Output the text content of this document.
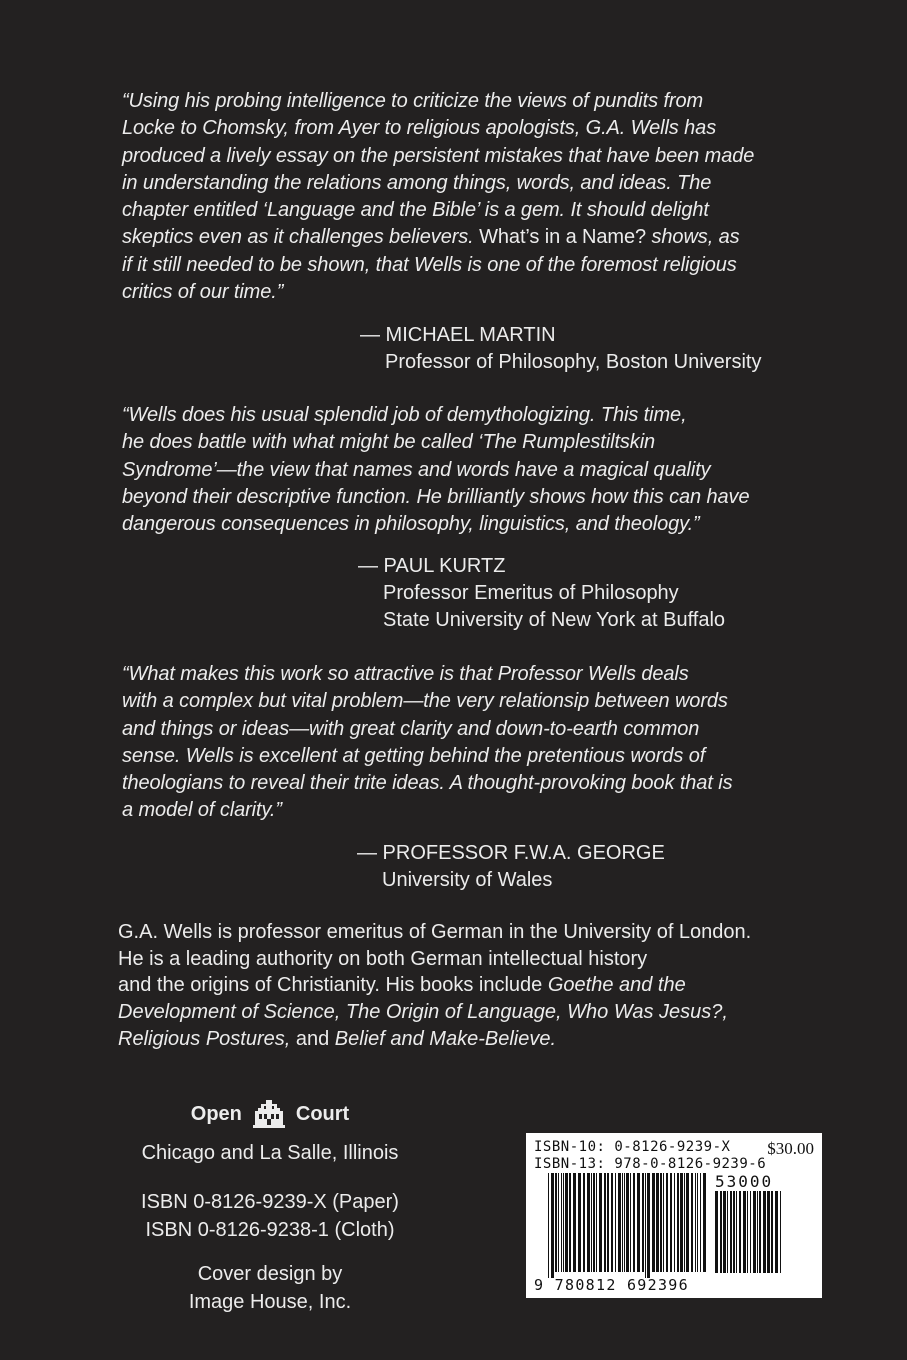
“Using his probing intelligence to criticize the views of pundits from
Locke to Chomsky, from Ayer to religious apologists, G.A. Wells has
produced a lively essay on the persistent mistakes that have been made
in understanding the relations among things, words, and ideas. The
chapter entitled ‘Language and the Bible’ is a gem. It should delight
skeptics even as it challenges believers. What’s in a Name? shows, as
if it still needed to be shown, that Wells is one of the foremost religious
critics of our time.”
— MICHAEL MARTIN
Professor of Philosophy, Boston University
“Wells does his usual splendid job of demythologizing. This time,
he does battle with what might be called ‘The Rumplestiltskin
Syndrome’—the view that names and words have a magical quality
beyond their descriptive function. He brilliantly shows how this can have
dangerous consequences in philosophy, linguistics, and theology.”
— PAUL KURTZ
Professor Emeritus of Philosophy
State University of New York at Buffalo
“What makes this work so attractive is that Professor Wells deals
with a complex but vital problem—the very relationsip between words
and things or ideas—with great clarity and down-to-earth common
sense. Wells is excellent at getting behind the pretentious words of
theologians to reveal their trite ideas. A thought-provoking book that is
a model of clarity.”
— PROFESSOR F.W.A. GEORGE
University of Wales
G.A. Wells is professor emeritus of German in the University of London.
He is a leading authority on both German intellectual history
and the origins of Christianity. His books include Goethe and the
Development of Science, The Origin of Language, Who Was Jesus?,
Religious Postures, and Belief and Make-Believe.
Open	Court
Chicago and La Salle, Illinois
ISBN 0-8126-9239-X (Paper)
ISBN 0-8126-9238-1 (Cloth)
Cover design by
Image House, Inc.
ISBN-10: 0-8126-9239-X
ISBN-13: 978-0-8126-9239-6
$30.00
53000
9 780812 692396
